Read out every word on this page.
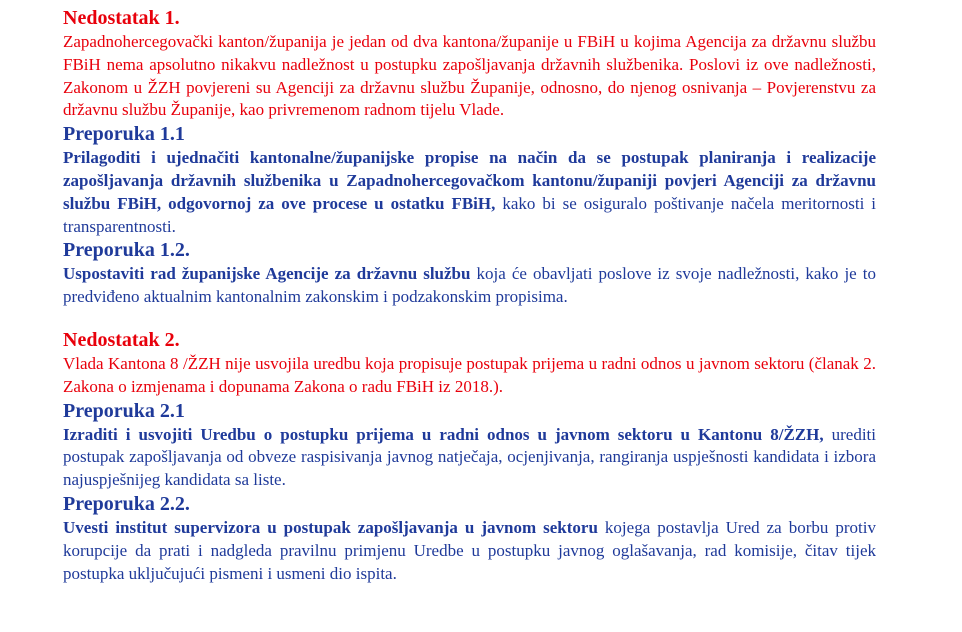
Nedostatak 1.

Zapadnohercegovački kanton/županija je jedan od dva kantona/županije u FBiH u kojima Agencija za državnu službu FBiH nema apsolutno nikakvu nadležnost u postupku zapošljavanja državnih službenika. Poslovi iz ove nadležnosti, Zakonom u ŽZH povjereni su Agenciji za državnu službu Županije, odnosno, do njenog osnivanja – Povjerenstvu za državnu službu Županije, kao privremenom radnom tijelu Vlade.

Preporuka 1.1

Prilagoditi i ujednačiti kantonalne/županijske propise na način da se postupak planiranja i realizacije zapošljavanja državnih službenika u Zapadnohercegovačkom kantonu/županiji povjeri Agenciji za državnu službu FBiH, odgovornoj za ove procese u ostatku FBiH, kako bi se osiguralo poštivanje načela meritornosti i transparentnosti.

Preporuka 1.2.

Uspostaviti rad županijske Agencije za državnu službu koja će obavljati poslove iz svoje nadležnosti, kako je to predviđeno aktualnim kantonalnim zakonskim i podzakonskim propisima.

Nedostatak 2.

Vlada Kantona 8 /ŽZH nije usvojila uredbu koja propisuje postupak prijema u radni odnos u javnom sektoru (članak 2. Zakona o izmjenama i dopunama Zakona o radu FBiH iz 2018.).

Preporuka 2.1

Izraditi i usvojiti Uredbu o postupku prijema u radni odnos u javnom sektoru u Kantonu 8/ŽZH, urediti postupak zapošljavanja od obveze raspisivanja javnog natječaja, ocjenjivanja, rangiranja uspješnosti kandidata i izbora najuspješnijeg kandidata sa liste.

Preporuka 2.2.

Uvesti institut supervizora u postupak zapošljavanja u javnom sektoru kojega postavlja Ured za borbu protiv korupcije da prati i nadgleda pravilnu primjenu Uredbe u postupku javnog oglašavanja, rad komisije, čitav tijek postupka uključujući pismeni i usmeni dio ispita.
